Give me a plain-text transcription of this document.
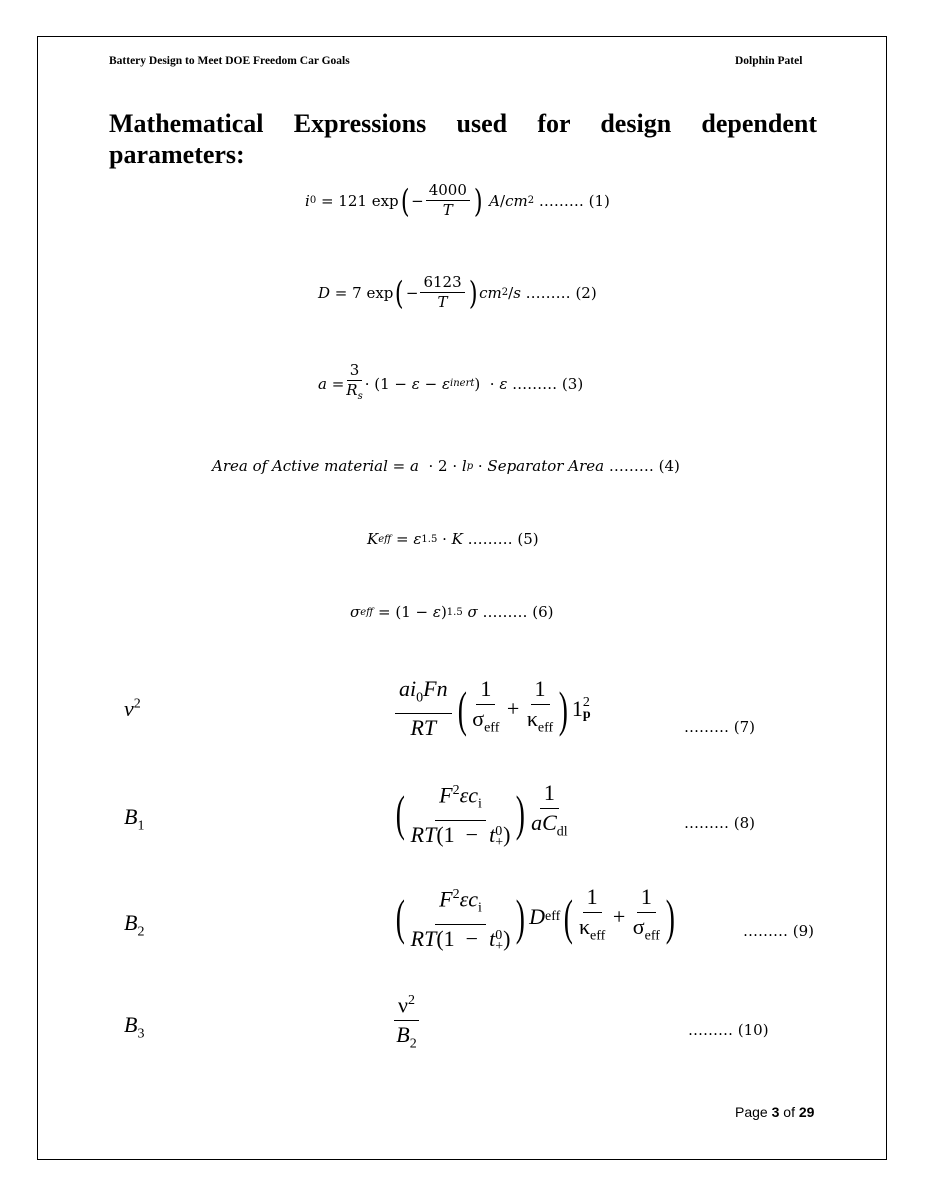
Battery Design to Meet DOE Freedom Car Goals	Dolphin Patel
Mathematical Expressions used for design dependent parameters:
i 0 = 121 exp ( − $\frac{4000}{T}$ )
A / cm 2
……… (1)
D = 7 exp ( − $\frac{6123}{T}$ ) cm 2 / s
……… (2)
$a = \frac{3}{R_s} \cdot (1 - \varepsilon - \varepsilon$ inert )  · ε
……… (3)
Area of Active material = a · 2 · l p · Separator Area
……… (4)
K eff = ε 1.5 · K
……… (5)
σ eff = (1 − ε ) 1.5
σ
……… (6)
$\nu^2$	$\frac{ai_0Fn}{RT}$ ( $\frac{1}{\sigma_{eff}} + \frac{1}{\kappa_{eff}}$ ) 1 2
p
……… (7)
$B_1$	( $F^2\varepsilon c_i$
RT(1  −  t 0
+ ) ) $\frac{1}{aC_{dl}}$	……… (8)
$B_2$	( $F^2\varepsilon c_i$
RT(1  −  t 0
+ ) ) D eff ( $\frac{1}{\kappa_{eff}} + \frac{1}{\sigma_{eff}}$ )	……… (9)
$B_3$	$\frac{\nu^2}{B_2}$	……… (10)
Page 3 of 29
